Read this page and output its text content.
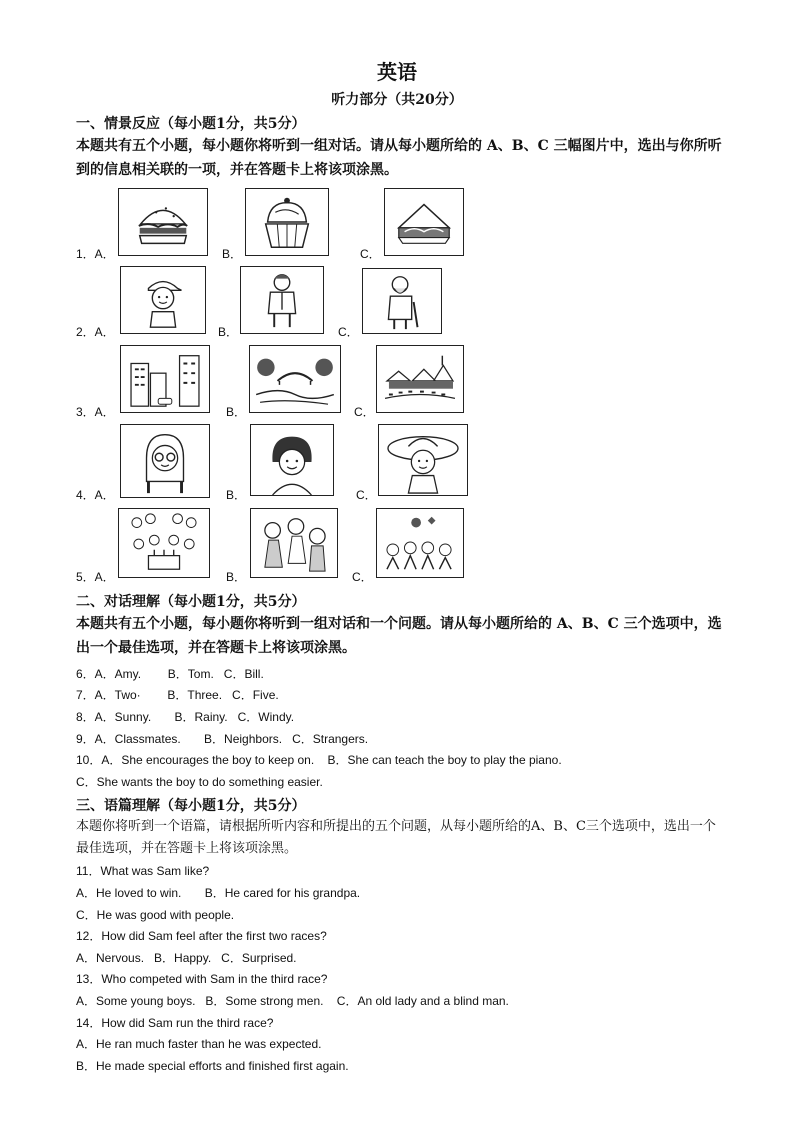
英语
听力部分（共20分）
一、情景反应（每小题1分，共5分）
本题共有五个小题，每小题你将听到一组对话。请从每小题所给的 A、B、C 三幅图片中，选出与你所听到的信息相关联的一项，并在答题卡上将该项涂黑。
1．A．	B．	C．
2．A．	B．	C．
3．A．	B．	C．
4．A．	B．	C．
5．A．	B．	C．
二、对话理解（每小题1分，共5分）
本题共有五个小题，每小题你将听到一组对话和一个问题。请从每小题所给的 A、B、C 三个选项中，选出一个最佳选项，并在答题卡上将该项涂黑。
6．A．Amy.        B．Tom.   C．Bill.
7．A．Two·        B．Three.   C．Five.
8．A．Sunny.       B．Rainy.   C．Windy.
9．A．Classmates.       B．Neighbors.   C．Strangers.
10．A．She encourages the boy to keep on.    B．She can teach the boy to play the piano.
C．She wants the boy to do something easier.
三、语篇理解（每小题1分，共5分）
本题你将听到一个语篇，请根据所听内容和所提出的五个问题，从每小题所给的A、B、C三个选项中，选出一个最佳选项，并在答题卡上将该项涂黑。
11．What was Sam like?
A．He loved to win.       B．He cared for his grandpa.
C．He was good with people.
12．How did Sam feel after the first two races?
A．Nervous.   B．Happy.   C．Surprised.
13．Who competed with Sam in the third race?
A．Some young boys.   B．Some strong men.    C．An old lady and a blind man.
14．How did Sam run the third race?
A．He ran much faster than he was expected.
B．He made special efforts and finished first again.
